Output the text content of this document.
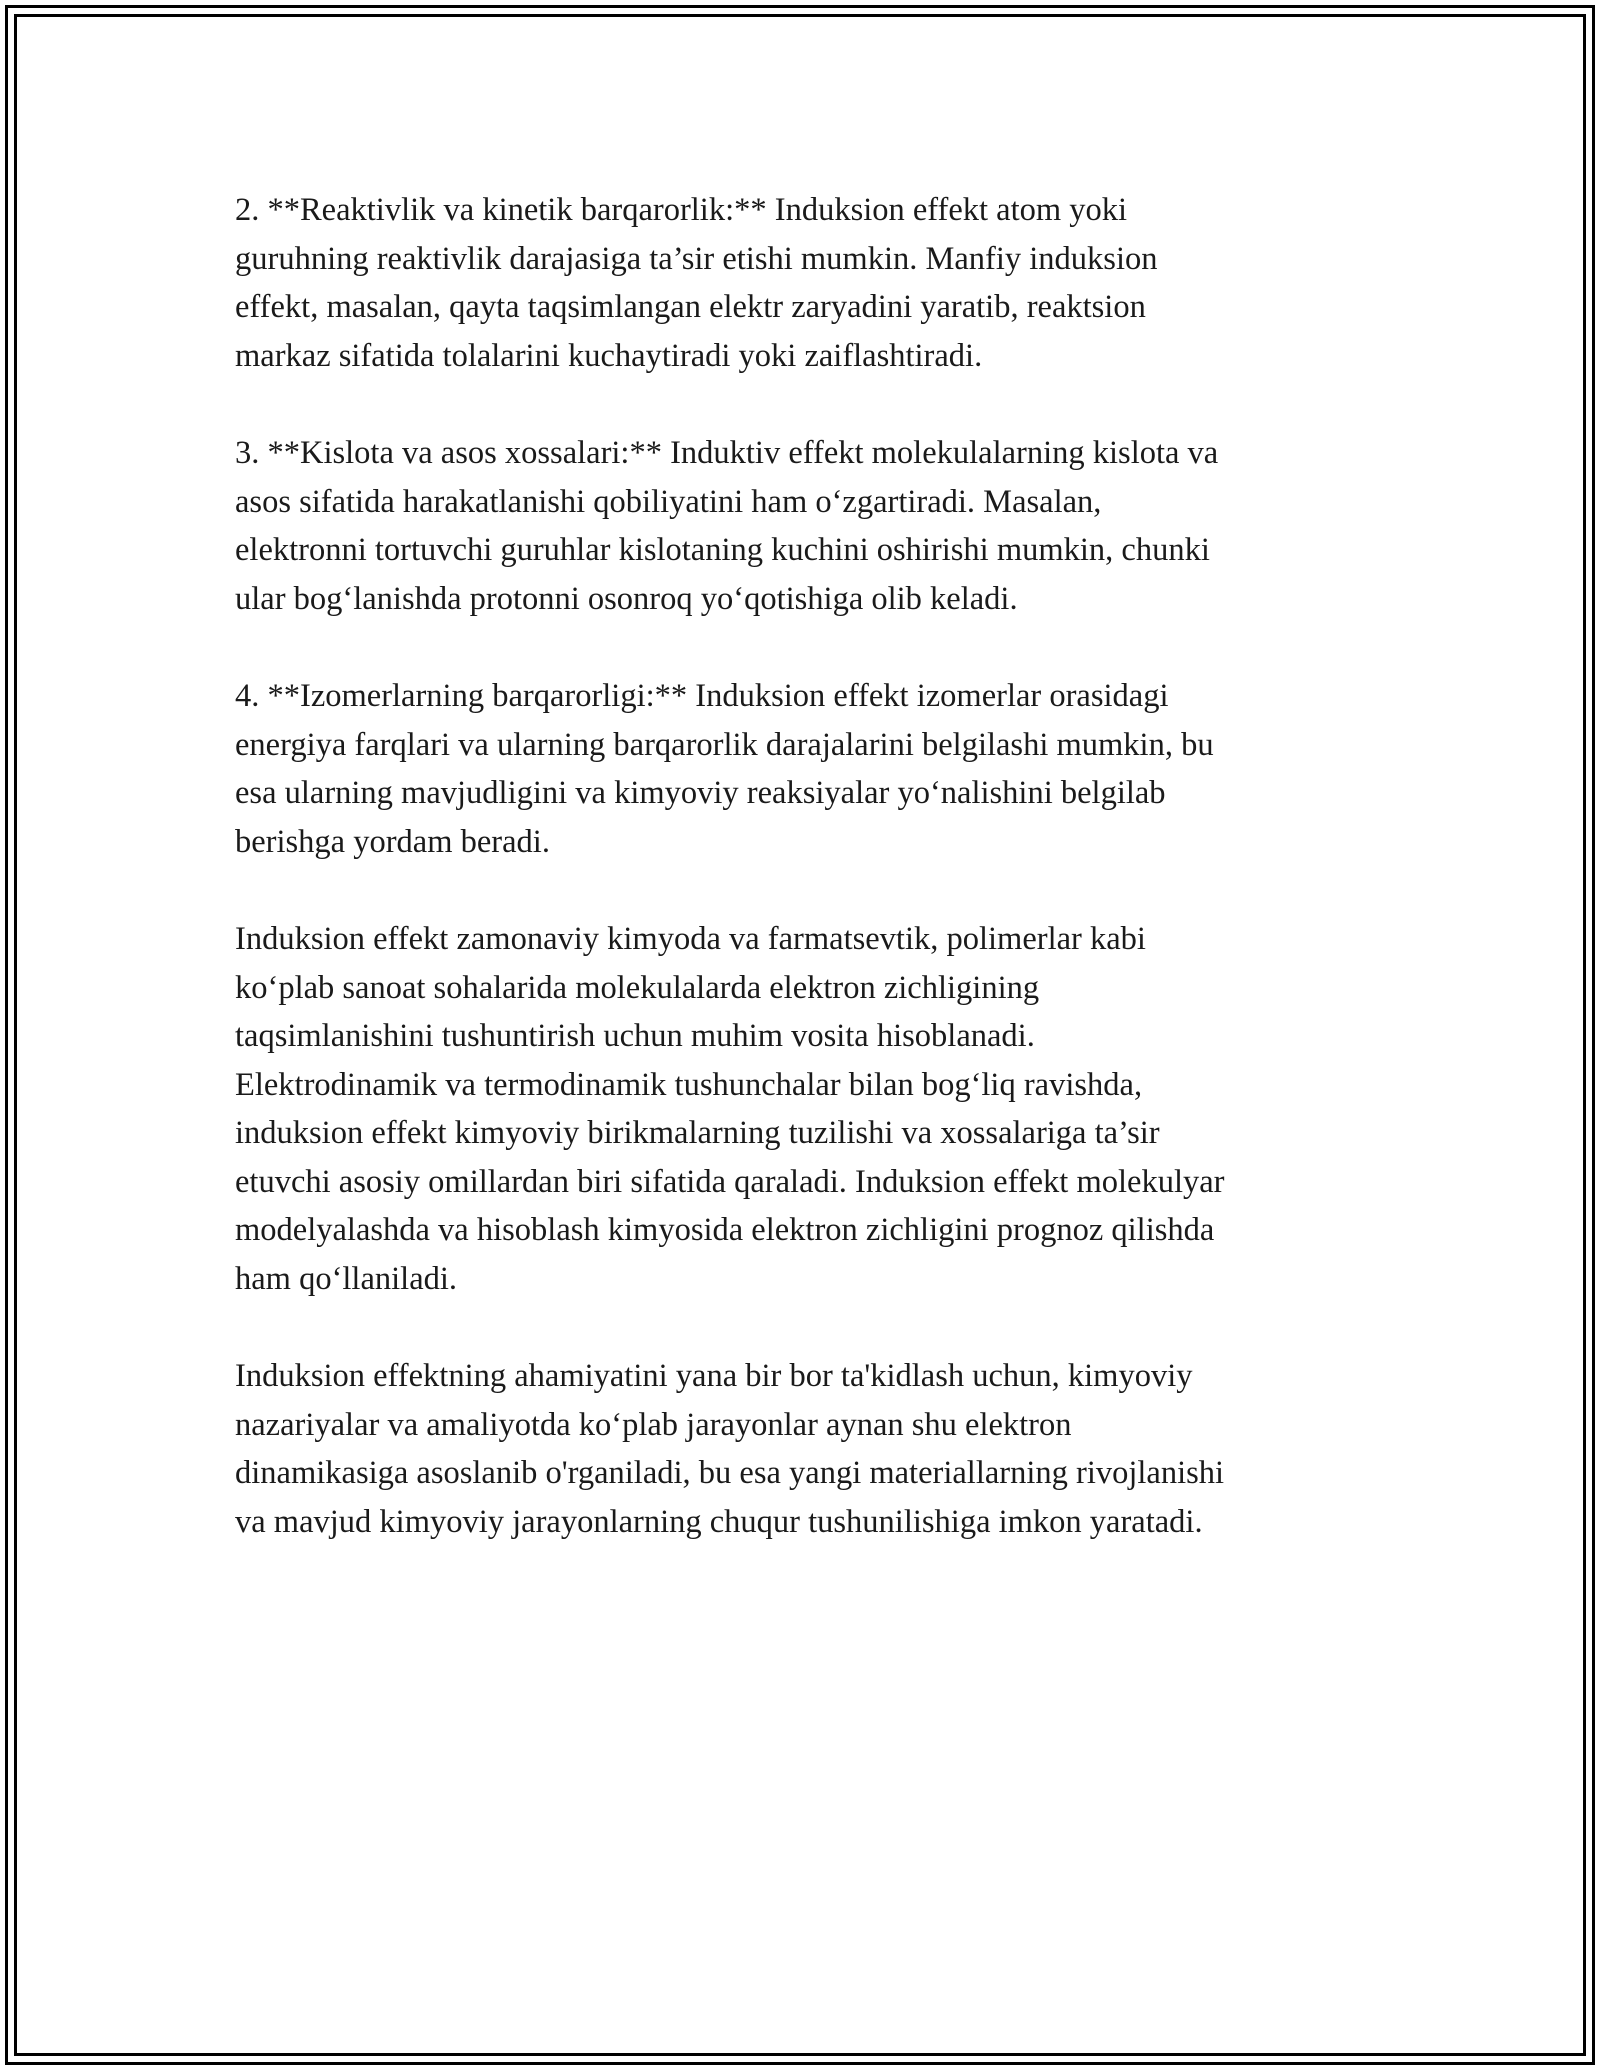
2. **Reaktivlik va kinetik barqarorlik:** Induksion effekt atom yoki
guruhning reaktivlik darajasiga ta’sir etishi mumkin. Manfiy induksion
effekt, masalan, qayta taqsimlangan elektr zaryadini yaratib, reaktsion
markaz sifatida tolalarini kuchaytiradi yoki zaiflashtiradi.

3. **Kislota va asos xossalari:** Induktiv effekt molekulalarning kislota va
asos sifatida harakatlanishi qobiliyatini ham o‘zgartiradi. Masalan,
elektronni tortuvchi guruhlar kislotaning kuchini oshirishi mumkin, chunki
ular bog‘lanishda protonni osonroq yo‘qotishiga olib keladi.

4. **Izomerlarning barqarorligi:** Induksion effekt izomerlar orasidagi
energiya farqlari va ularning barqarorlik darajalarini belgilashi mumkin, bu
esa ularning mavjudligini va kimyoviy reaksiyalar yo‘nalishini belgilab
berishga yordam beradi.

Induksion effekt zamonaviy kimyoda va farmatsevtik, polimerlar kabi
ko‘plab sanoat sohalarida molekulalarda elektron zichligining
taqsimlanishini tushuntirish uchun muhim vosita hisoblanadi.
Elektrodinamik va termodinamik tushunchalar bilan bog‘liq ravishda,
induksion effekt kimyoviy birikmalarning tuzilishi va xossalariga ta’sir
etuvchi asosiy omillardan biri sifatida qaraladi. Induksion effekt molekulyar
modelyalashda va hisoblash kimyosida elektron zichligini prognoz qilishda
ham qo‘llaniladi.

Induksion effektning ahamiyatini yana bir bor ta'kidlash uchun, kimyoviy
nazariyalar va amaliyotda ko‘plab jarayonlar aynan shu elektron
dinamikasiga asoslanib o'rganiladi, bu esa yangi materiallarning rivojlanishi
va mavjud kimyoviy jarayonlarning chuqur tushunilishiga imkon yaratadi.
